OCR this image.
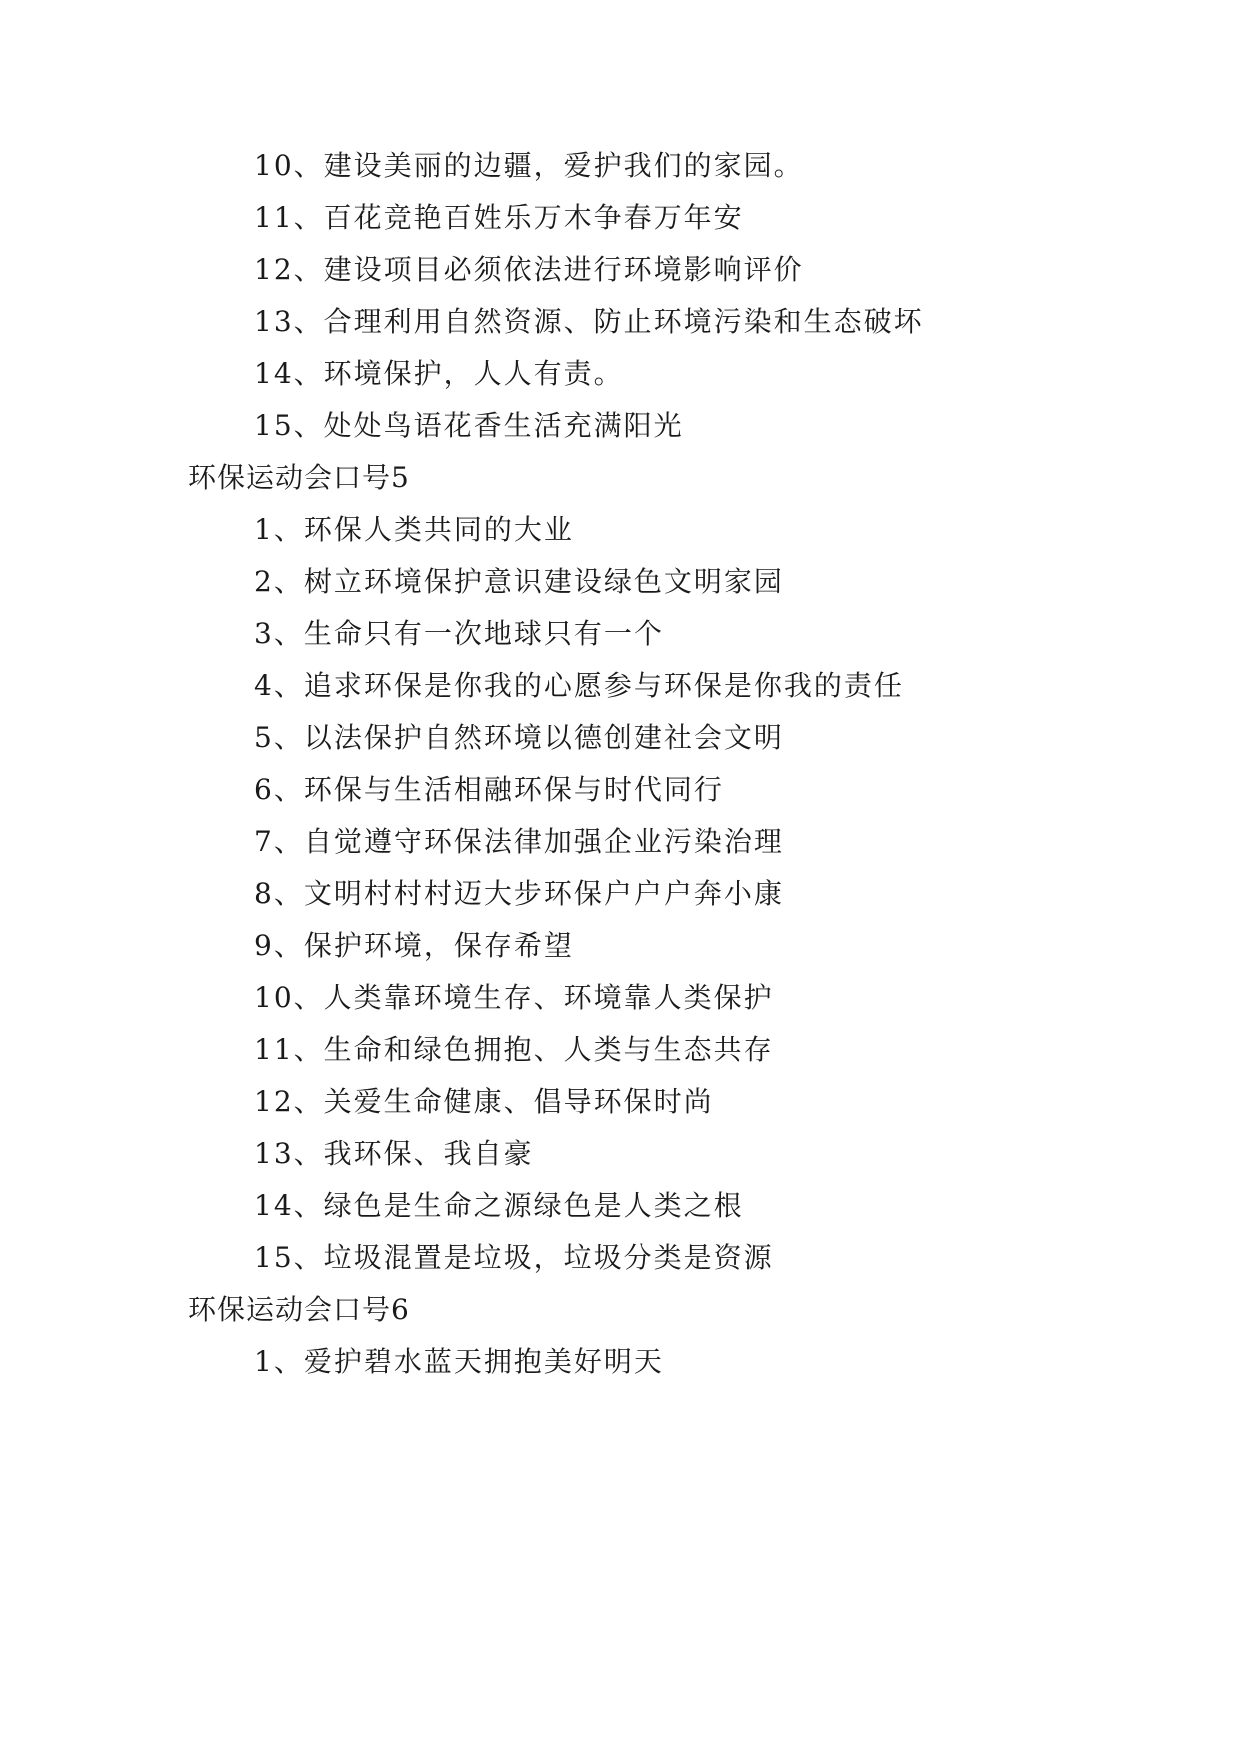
10、建设美丽的边疆，爱护我们的家园。
11、百花竞艳百姓乐万木争春万年安
12、建设项目必须依法进行环境影响评价
13、合理利用自然资源、防止环境污染和生态破坏
14、环境保护，人人有责。
15、处处鸟语花香生活充满阳光
环保运动会口号5
1、环保人类共同的大业
2、树立环境保护意识建设绿色文明家园
3、生命只有一次地球只有一个
4、追求环保是你我的心愿参与环保是你我的责任
5、以法保护自然环境以德创建社会文明
6、环保与生活相融环保与时代同行
7、自觉遵守环保法律加强企业污染治理
8、文明村村村迈大步环保户户户奔小康
9、保护环境，保存希望
10、人类靠环境生存、环境靠人类保护
11、生命和绿色拥抱、人类与生态共存
12、关爱生命健康、倡导环保时尚
13、我环保、我自豪
14、绿色是生命之源绿色是人类之根
15、垃圾混置是垃圾，垃圾分类是资源
环保运动会口号6
1、爱护碧水蓝天拥抱美好明天
